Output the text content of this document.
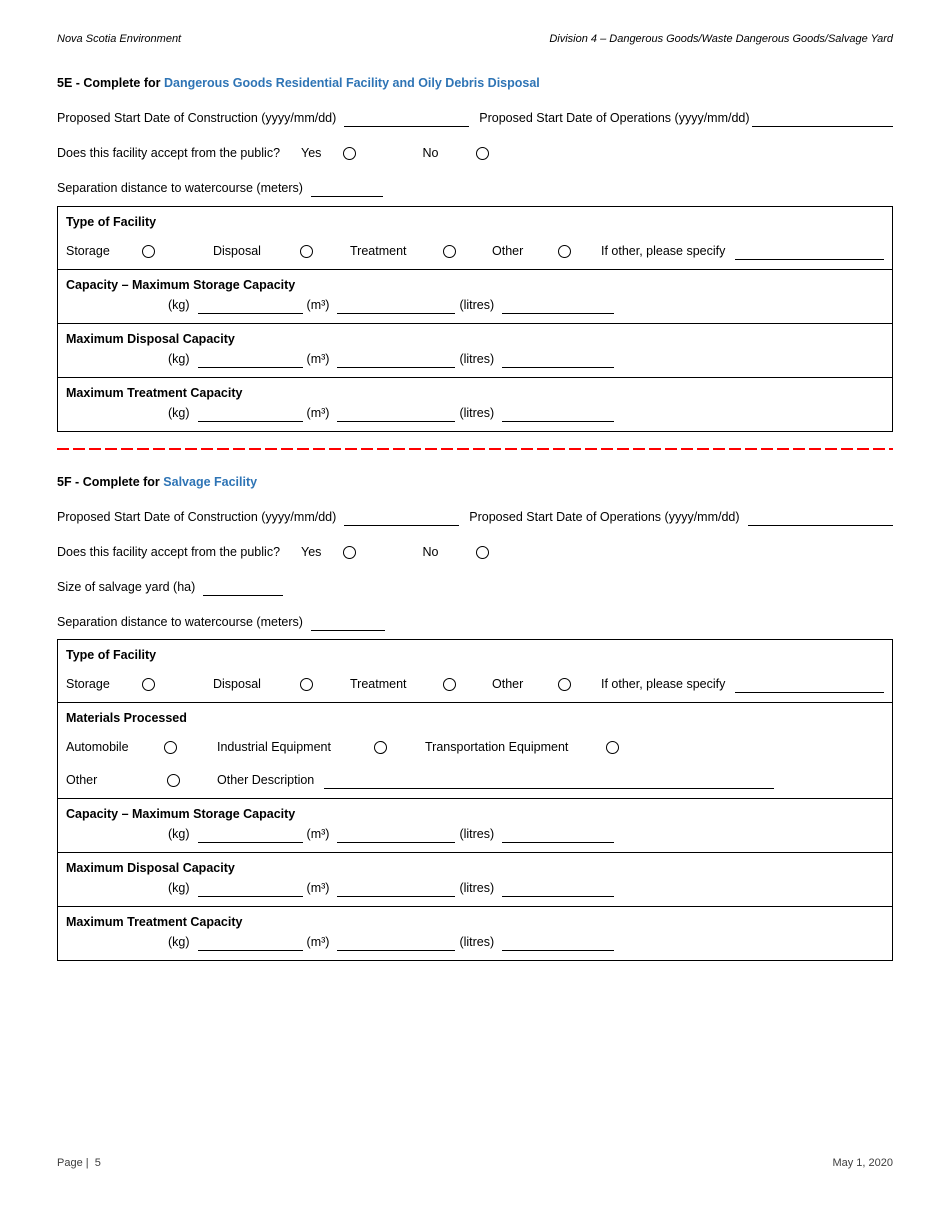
Nova Scotia Environment	Division 4 – Dangerous Goods/Waste Dangerous Goods/Salvage Yard
5E - Complete for Dangerous Goods Residential Facility and Oily Debris Disposal
Proposed Start Date of Construction (yyyy/mm/dd)	Proposed Start Date of Operations (yyyy/mm/dd)
Does this facility accept from the public? Yes	No
Separation distance to watercourse (meters)
Type of Facility
Storage	Disposal	Treatment	Other	If other, please specify
Capacity – Maximum Storage Capacity
(kg)	(m³)	(litres)
Maximum Disposal Capacity
(kg)	(m³)	(litres)
Maximum Treatment Capacity
(kg)	(m³)	(litres)
5F - Complete for Salvage Facility
Proposed Start Date of Construction (yyyy/mm/dd)	Proposed Start Date of Operations (yyyy/mm/dd)
Does this facility accept from the public? Yes	No
Size of salvage yard (ha)
Separation distance to watercourse (meters)
Type of Facility
Storage	Disposal	Treatment	Other	If other, please specify
Materials Processed
Automobile	Industrial Equipment	Transportation Equipment
Other	Other Description
Capacity – Maximum Storage Capacity
(kg)	(m³)	(litres)
Maximum Disposal Capacity
(kg)	(m³)	(litres)
Maximum Treatment Capacity
(kg)	(m³)	(litres)
Page |  5	May 1, 2020
